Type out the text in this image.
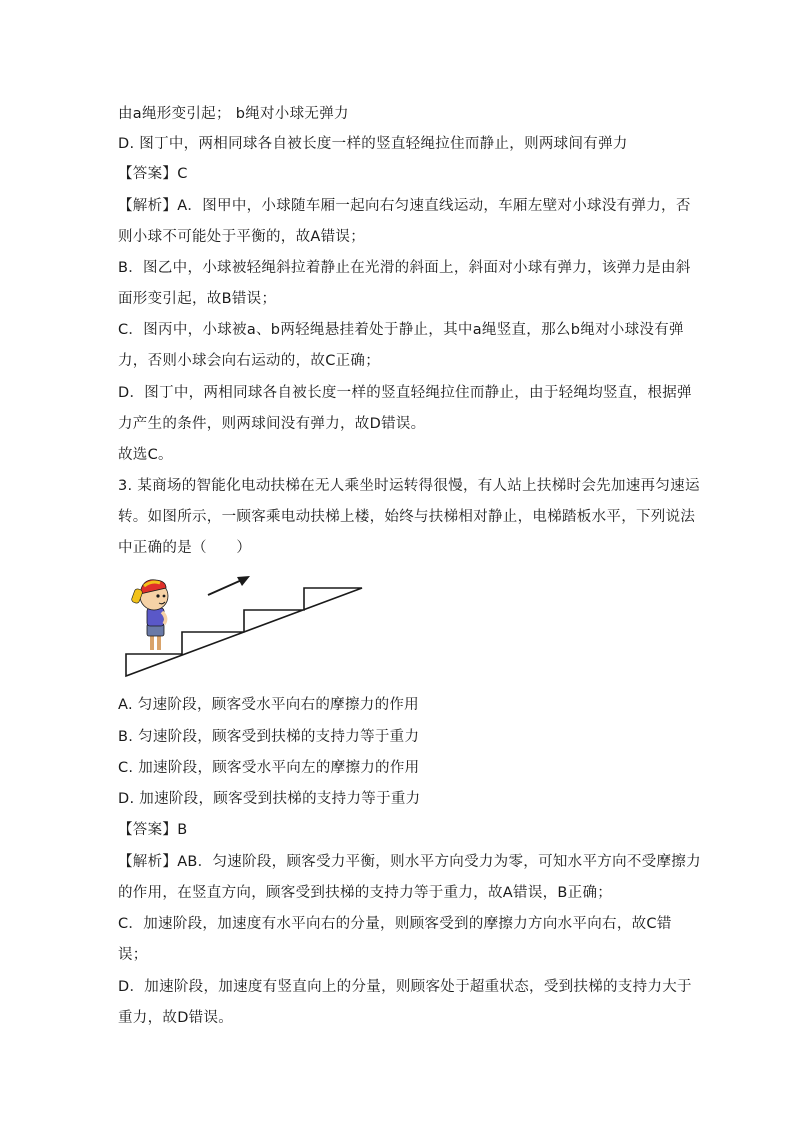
由a绳形变引起； b绳对小球无弹力
D. 图丁中，两相同球各自被长度一样的竖直轻绳拉住而静止，则两球间有弹力
【答案】C
【解析】A．图甲中，小球随车厢一起向右匀速直线运动，车厢左壁对小球没有弹力，否
则小球不可能处于平衡的，故A错误；
B．图乙中，小球被轻绳斜拉着静止在光滑的斜面上，斜面对小球有弹力，该弹力是由斜
面形变引起，故B错误；
C．图丙中，小球被a、b两轻绳悬挂着处于静止，其中a绳竖直，那么b绳对小球没有弹
力，否则小球会向右运动的，故C正确；
D．图丁中，两相同球各自被长度一样的竖直轻绳拉住而静止，由于轻绳均竖直，根据弹
力产生的条件，则两球间没有弹力，故D错误。
故选C。
3. 某商场的智能化电动扶梯在无人乘坐时运转得很慢，有人站上扶梯时会先加速再匀速运
转。如图所示，一顾客乘电动扶梯上楼，始终与扶梯相对静止，电梯踏板水平，下列说法
中正确的是（　　）
A. 匀速阶段，顾客受水平向右的摩擦力的作用
B. 匀速阶段，顾客受到扶梯的支持力等于重力
C. 加速阶段，顾客受水平向左的摩擦力的作用
D. 加速阶段，顾客受到扶梯的支持力等于重力
【答案】B
【解析】AB．匀速阶段，顾客受力平衡，则水平方向受力为零，可知水平方向不受摩擦力
的作用，在竖直方向，顾客受到扶梯的支持力等于重力，故A错误，B正确；
C．加速阶段，加速度有水平向右的分量，则顾客受到的摩擦力方向水平向右，故C错
误；
D．加速阶段，加速度有竖直向上的分量，则顾客处于超重状态，受到扶梯的支持力大于
重力，故D错误。
